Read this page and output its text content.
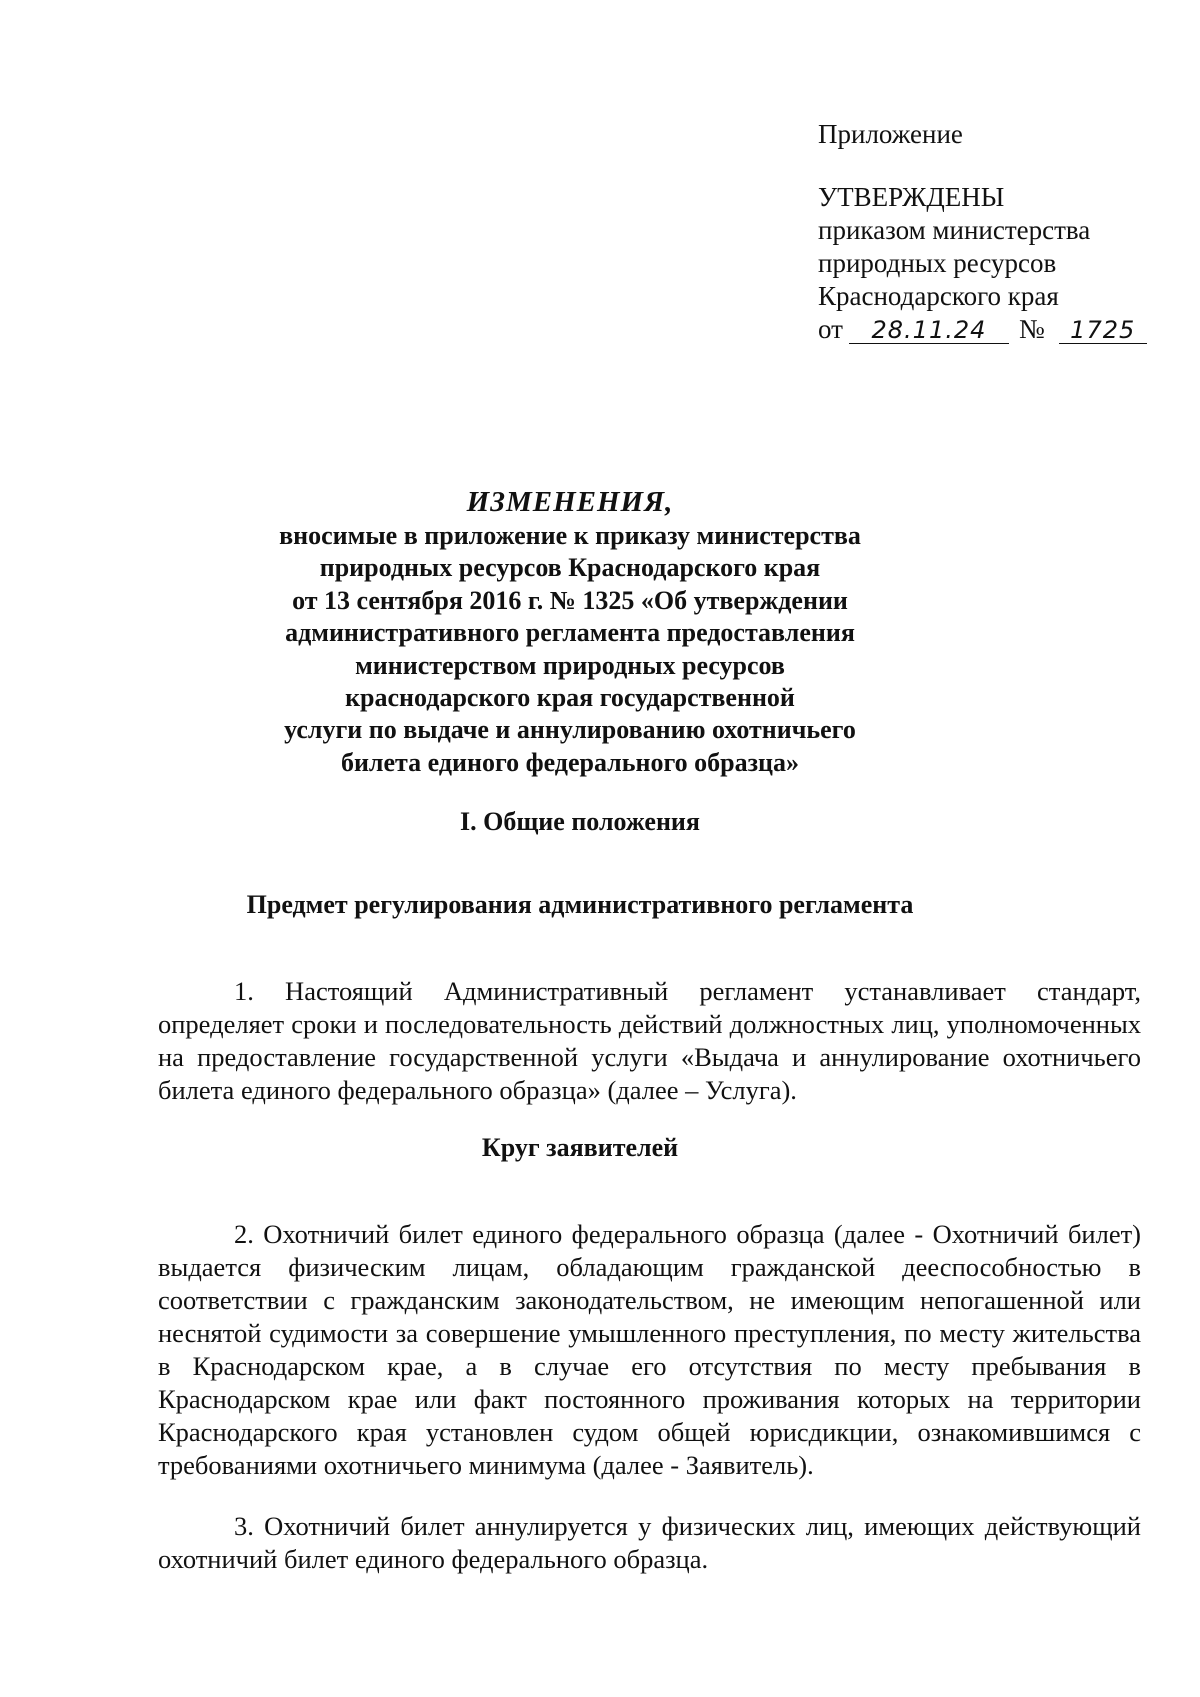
Приложение
УТВЕРЖДЕНЫ
приказом министерства
природных ресурсов
Краснодарского края
от 28.11.24 № 1725
ИЗМЕНЕНИЯ,
вносимые в приложение к приказу министерства
природных ресурсов Краснодарского края
от 13 сентября 2016 г. № 1325 «Об утверждении
административного регламента предоставления
министерством природных ресурсов
краснодарского края государственной
услуги по выдаче и аннулированию охотничьего
билета единого федерального образца»
I. Общие положения
Предмет регулирования административного регламента

1. Настоящий Административный регламент устанавливает стандарт, определяет сроки и последовательность действий должностных лиц, уполномоченных на предоставление государственной услуги «Выдача и аннулирование охотничьего билета единого федерального образца» (далее – Услуга).

Круг заявителей

2. Охотничий билет единого федерального образца (далее - Охотничий билет) выдается физическим лицам, обладающим гражданской дееспособностью в соответствии с гражданским законодательством, не имеющим непогашенной или неснятой судимости за совершение умышленного преступления, по месту жительства в Краснодарском крае, а в случае его отсутствия по месту пребывания в Краснодарском крае или факт постоянного проживания которых на территории Краснодарского края установлен судом общей юрисдикции, ознакомившимся с требованиями охотничьего минимума (далее - Заявитель).

3. Охотничий билет аннулируется у физических лиц, имеющих действующий охотничий билет единого федерального образца.
